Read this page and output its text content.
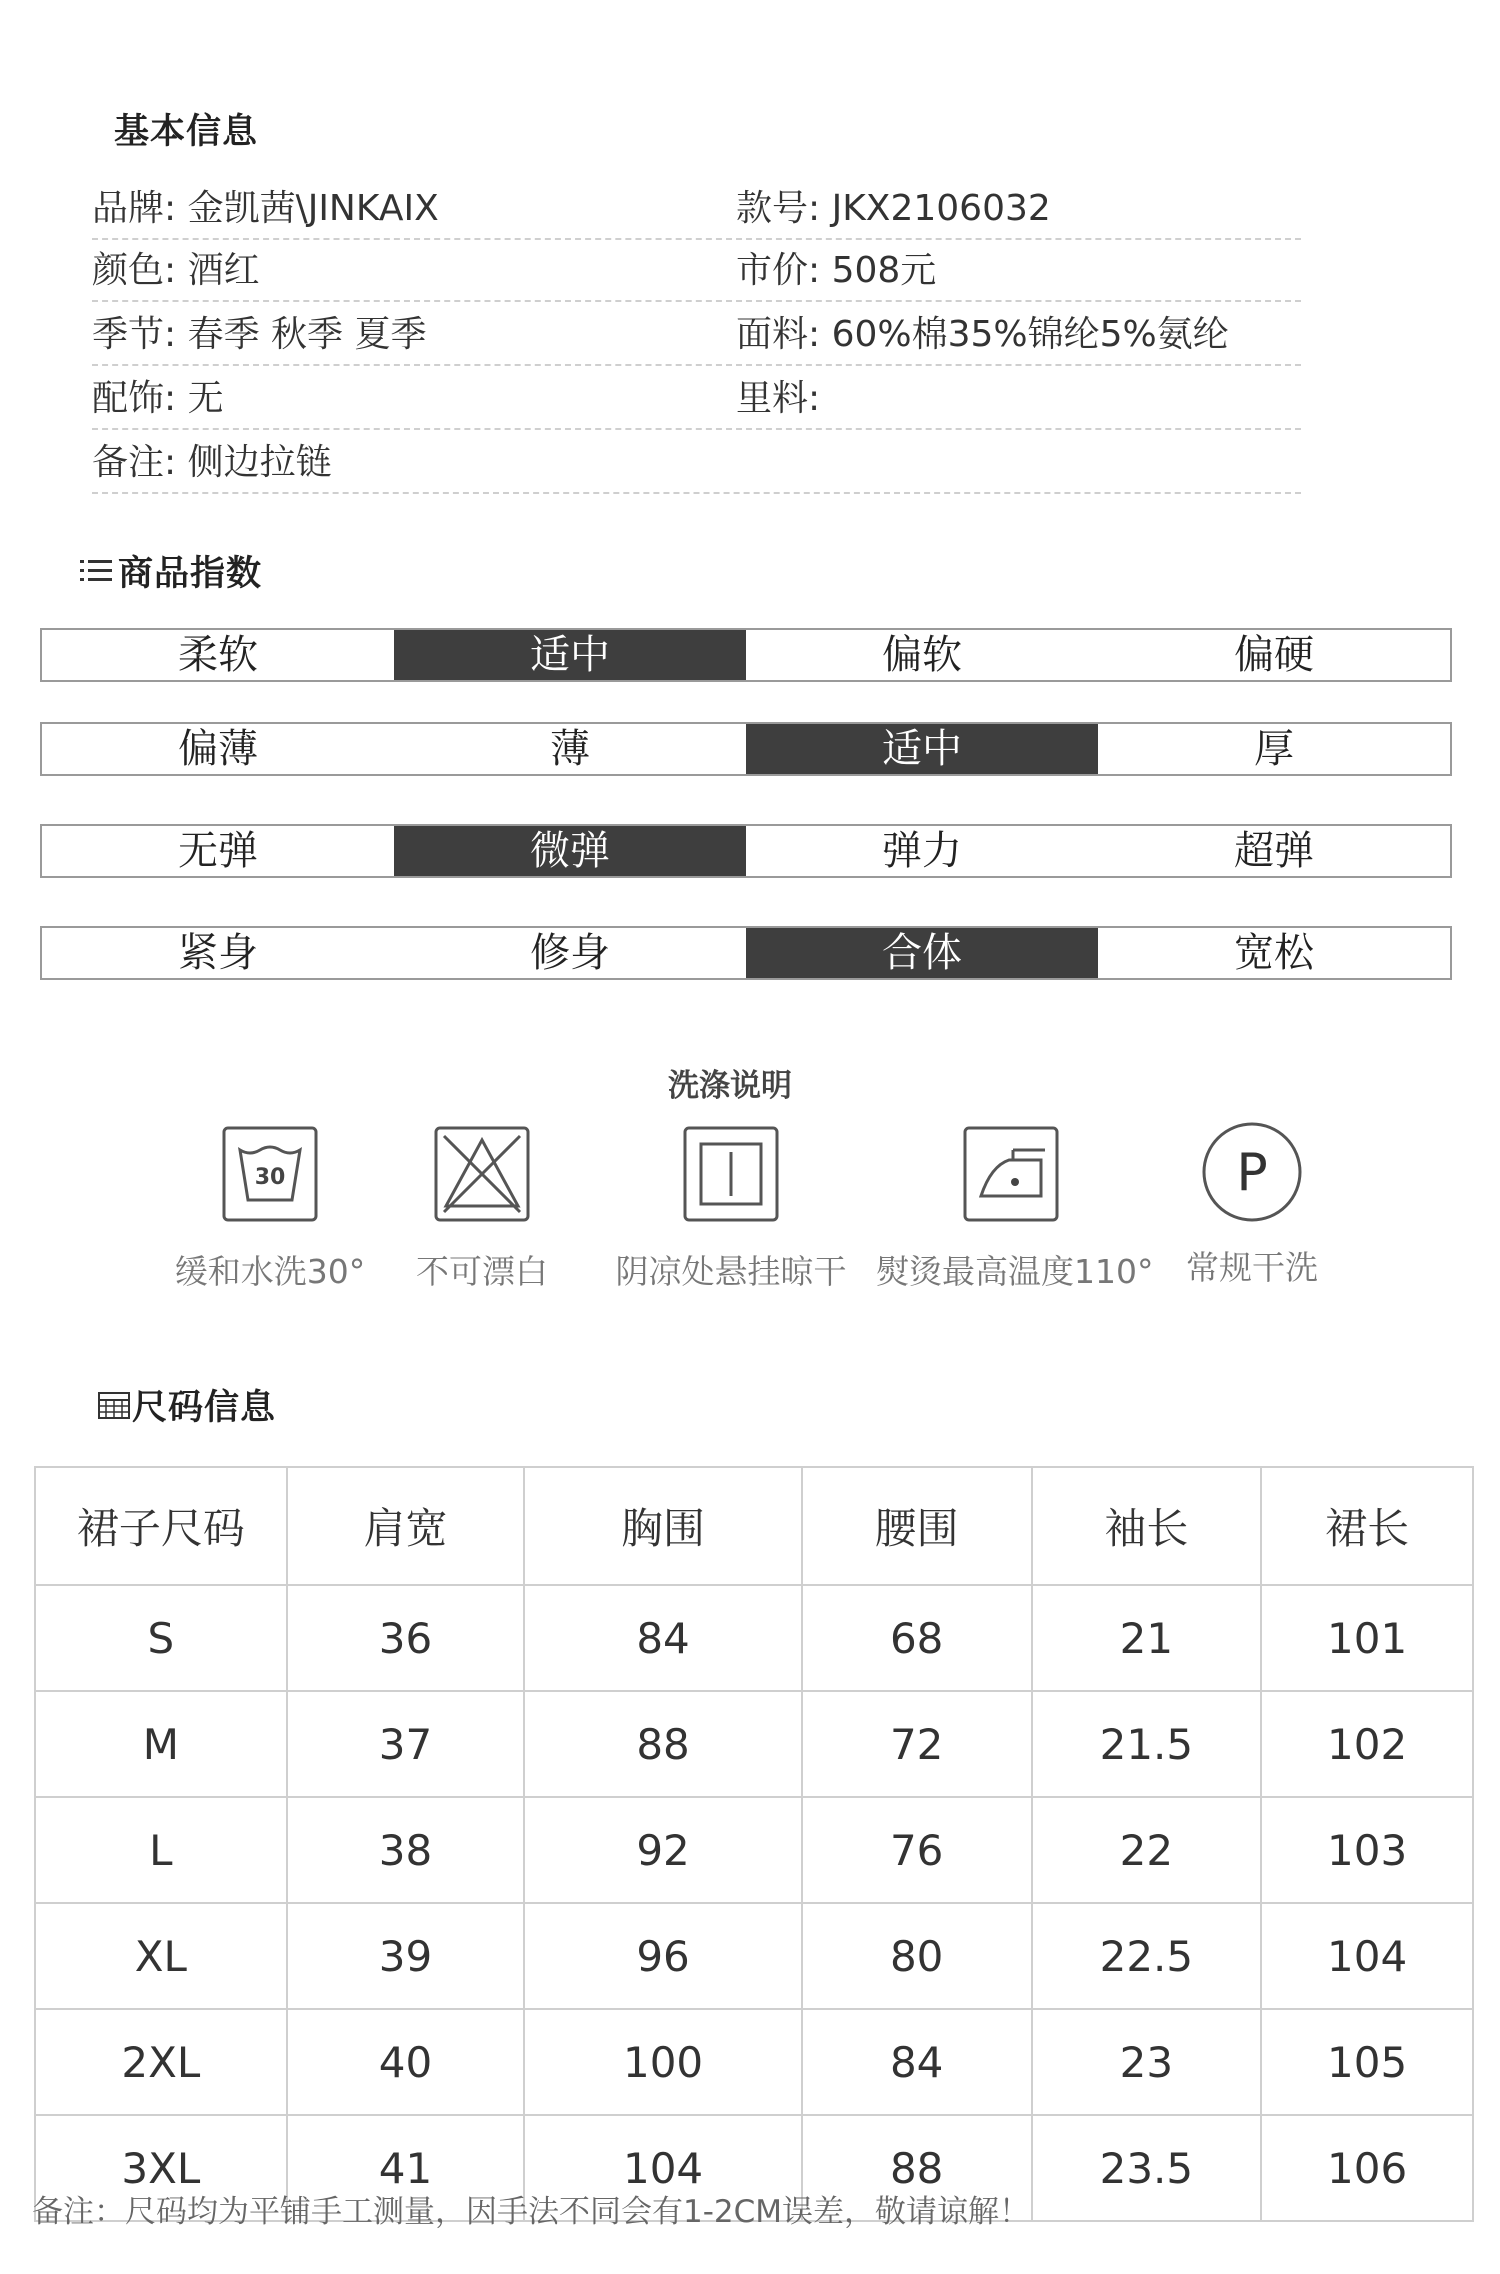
基本信息
品牌: 金凯茜\JINKAIX	款号: JKX2106032
颜色: 酒红	市价: 508元
季节: 春季 秋季 夏季	面料: 60%棉35%锦纶5%氨纶
配饰: 无	里料:
备注: 侧边拉链
商品指数
柔软	适中	偏软	偏硬
偏薄	薄	适中	厚
无弹	微弹	弹力	超弹
紧身	修身	合体	宽松
洗涤说明
30
缓和水洗30°	不可漂白	阴凉处悬挂晾干 熨烫最高温度110°
P
常规干洗
尺码信息
裙子尺码	肩宽	胸围	腰围	袖长	裙长
S	36	84	68	21	101
M	37	88	72	21.5	102
L	38	92	76	22	103
XL	39	96	80	22.5	104
2XL	40	100	84	23	105
3XL	41	104	88	23.5	106
备注：尺码均为平铺手工测量，因手法不同会有1-2CM误差，敬请谅解！
